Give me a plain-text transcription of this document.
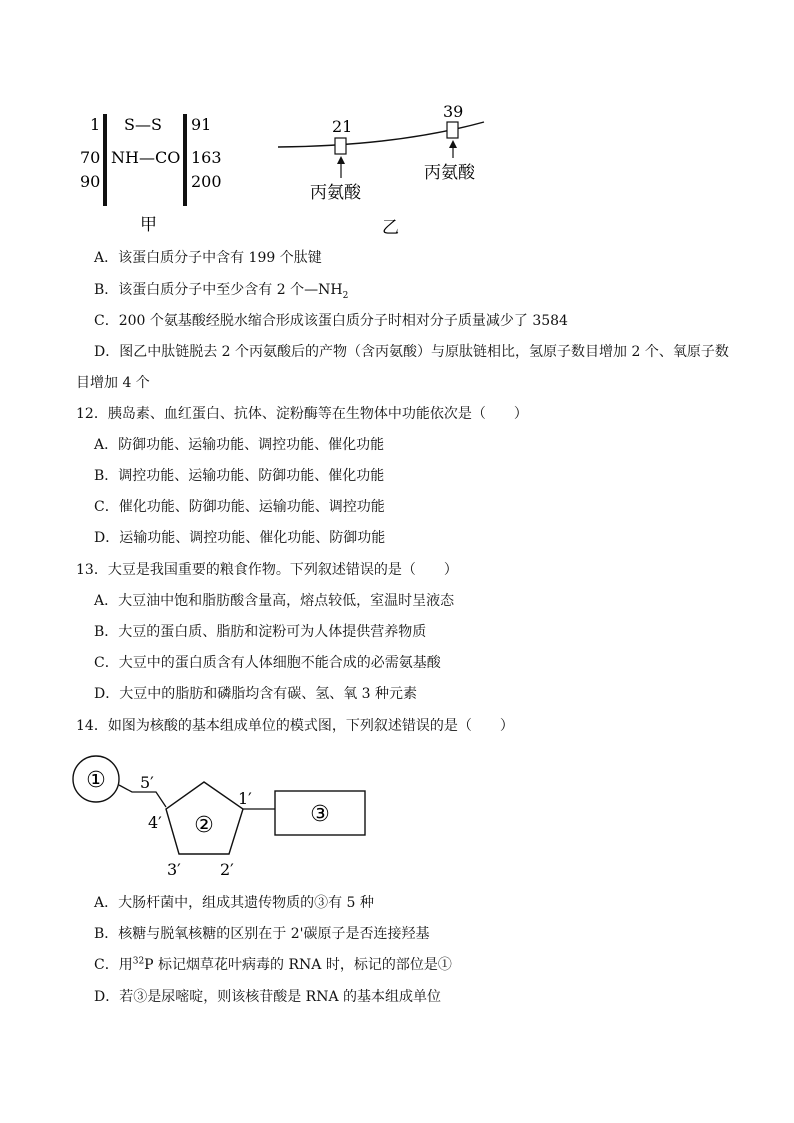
1 S—S 91
70 NH—CO 163
90	200
甲
21
丙氨酸
39
丙氨酸
乙
A．该蛋白质分子中含有 199 个肽键
B．该蛋白质分子中至少含有 2 个$—NH_2$
C．200 个氨基酸经脱水缩合形成该蛋白质分子时相对分子质量减少了 3584
D．图乙中肽链脱去 2 个丙氨酸后的产物（含丙氨酸）与原肽链相比，氢原子数目增加 2 个、氧原子数
目增加 4 个
12．胰岛素、血红蛋白、抗体、淀粉酶等在生物体中功能依次是（　　）
A．防御功能、运输功能、调控功能、催化功能
B．调控功能、运输功能、防御功能、催化功能
C．催化功能、防御功能、运输功能、调控功能
D．运输功能、调控功能、催化功能、防御功能
13．大豆是我国重要的粮食作物。下列叙述错误的是（　　）
A．大豆油中饱和脂肪酸含量高，熔点较低，室温时呈液态
B．大豆的蛋白质、脂肪和淀粉可为人体提供营养物质
C．大豆中的蛋白质含有人体细胞不能合成的必需氨基酸
D．大豆中的脂肪和磷脂均含有碳、氢、氧 3 种元素
14．如图为核酸的基本组成单位的模式图，下列叙述错误的是（　　）
① 5′
②
4′
3′ 2′
1′
③
A．大肠杆菌中，组成其遗传物质的③有 5 种
B．核糖与脱氧核糖的区别在于 2'碳原子是否连接羟基
C．用$^{32}$P 标记烟草花叶病毒的 RNA 时，标记的部位是①
D．若③是尿嘧啶，则该核苷酸是 RNA 的基本组成单位
